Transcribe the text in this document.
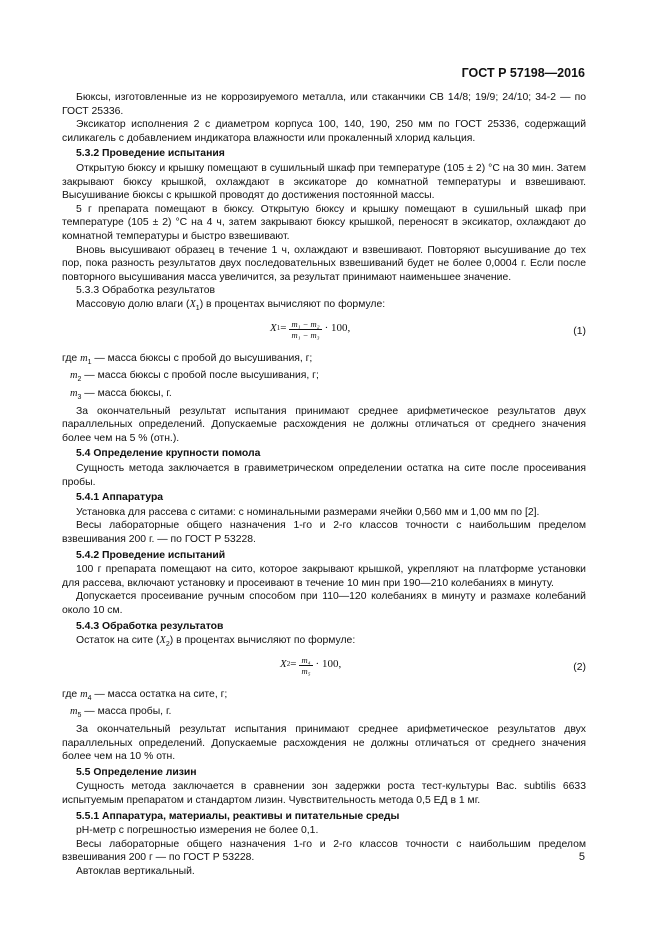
ГОСТ Р 57198—2016

Бюксы, изготовленные из не коррозируемого металла, или стаканчики СВ 14/8; 19/9; 24/10; 34-2 — по ГОСТ 25336.

Эксикатор исполнения 2 с диаметром корпуса 100, 140, 190, 250 мм по ГОСТ 25336, содержащий силикагель с добавлением индикатора влажности или прокаленный хлорид кальция.

5.3.2 Проведение испытания

Открытую бюксу и крышку помещают в сушильный шкаф при температуре (105 ± 2) °С на 30 мин. Затем закрывают бюксу крышкой, охлаждают в эксикаторе до комнатной температуры и взвешивают. Высушивание бюксы с крышкой проводят до достижения постоянной массы.

5 г препарата помещают в бюксу. Открытую бюксу и крышку помещают в сушильный шкаф при температуре (105 ± 2) °С на 4 ч, затем закрывают бюксу крышкой, переносят в эксикатор, охлаждают до комнатной температуры и быстро взвешивают.

Вновь высушивают образец в течение 1 ч, охлаждают и взвешивают. Повторяют высушивание до тех пор, пока разность результатов двух последовательных взвешиваний будет не более 0,0004 г. Если после повторного высушивания масса увеличится, за результат принимают наименьшее значение.

5.3.3 Обработка результатов

Массовую долю влаги $(X_1)$ в процентах вычисляют по формуле:

X $1 = \frac{\text{m₁ − m₂}}{\text{m₁ − m₃}} \cdot 100$,	(1)

где $m_1$ — масса бюксы с пробой до высушивания, г;

$m_2$ — масса бюксы с пробой после высушивания, г;

$m_3$ — масса бюксы, г.

За окончательный результат испытания принимают среднее арифметическое результатов двух параллельных определений. Допускаемые расхождения не должны отличаться от среднего значения более чем на 5 % (отн.).

5.4 Определение крупности помола

Сущность метода заключается в гравиметрическом определении остатка на сите после просеивания пробы.

5.4.1 Аппаратура

Установка для рассева с ситами: с номинальными размерами ячейки 0,560 мм и 1,00 мм по [2].

Весы лабораторные общего назначения 1-го и 2-го классов точности с наибольшим пределом взвешивания 200 г. — по ГОСТ Р 53228.

5.4.2 Проведение испытаний

100 г препарата помещают на сито, которое закрывают крышкой, укрепляют на платформе установки для рассева, включают установку и просеивают в течение 10 мин при 190—210 колебаниях в минуту.

Допускается просеивание ручным способом при 110—120 колебаниях в минуту и размахе колебаний около 10 см.

5.4.3 Обработка результатов

Остаток на сите $(X_2)$ в процентах вычисляют по формуле:

X $2 = \frac{\text{m₄}}{\text{m₅}} \cdot 100$,	(2)

где $m_4$ — масса остатка на сите, г;

$m_5$ — масса пробы, г.

За окончательный результат испытания принимают среднее арифметическое результатов двух параллельных определений. Допускаемые расхождения не должны отличаться от среднего значения более чем на 10 % отн.

5.5 Определение лизин

Сущность метода заключается в сравнении зон задержки роста тест-культуры Bac. subtilis 6633 испытуемым препаратом и стандартом лизин. Чувствительность метода 0,5 ЕД в 1 мг.

5.5.1 Аппаратура, материалы, реактивы и питательные среды

pH-метр с погрешностью измерения не более 0,1.

Весы лабораторные общего назначения 1-го и 2-го классов точности с наибольшим пределом взвешивания 200 г — по ГОСТ Р 53228.

Автоклав вертикальный.

5
